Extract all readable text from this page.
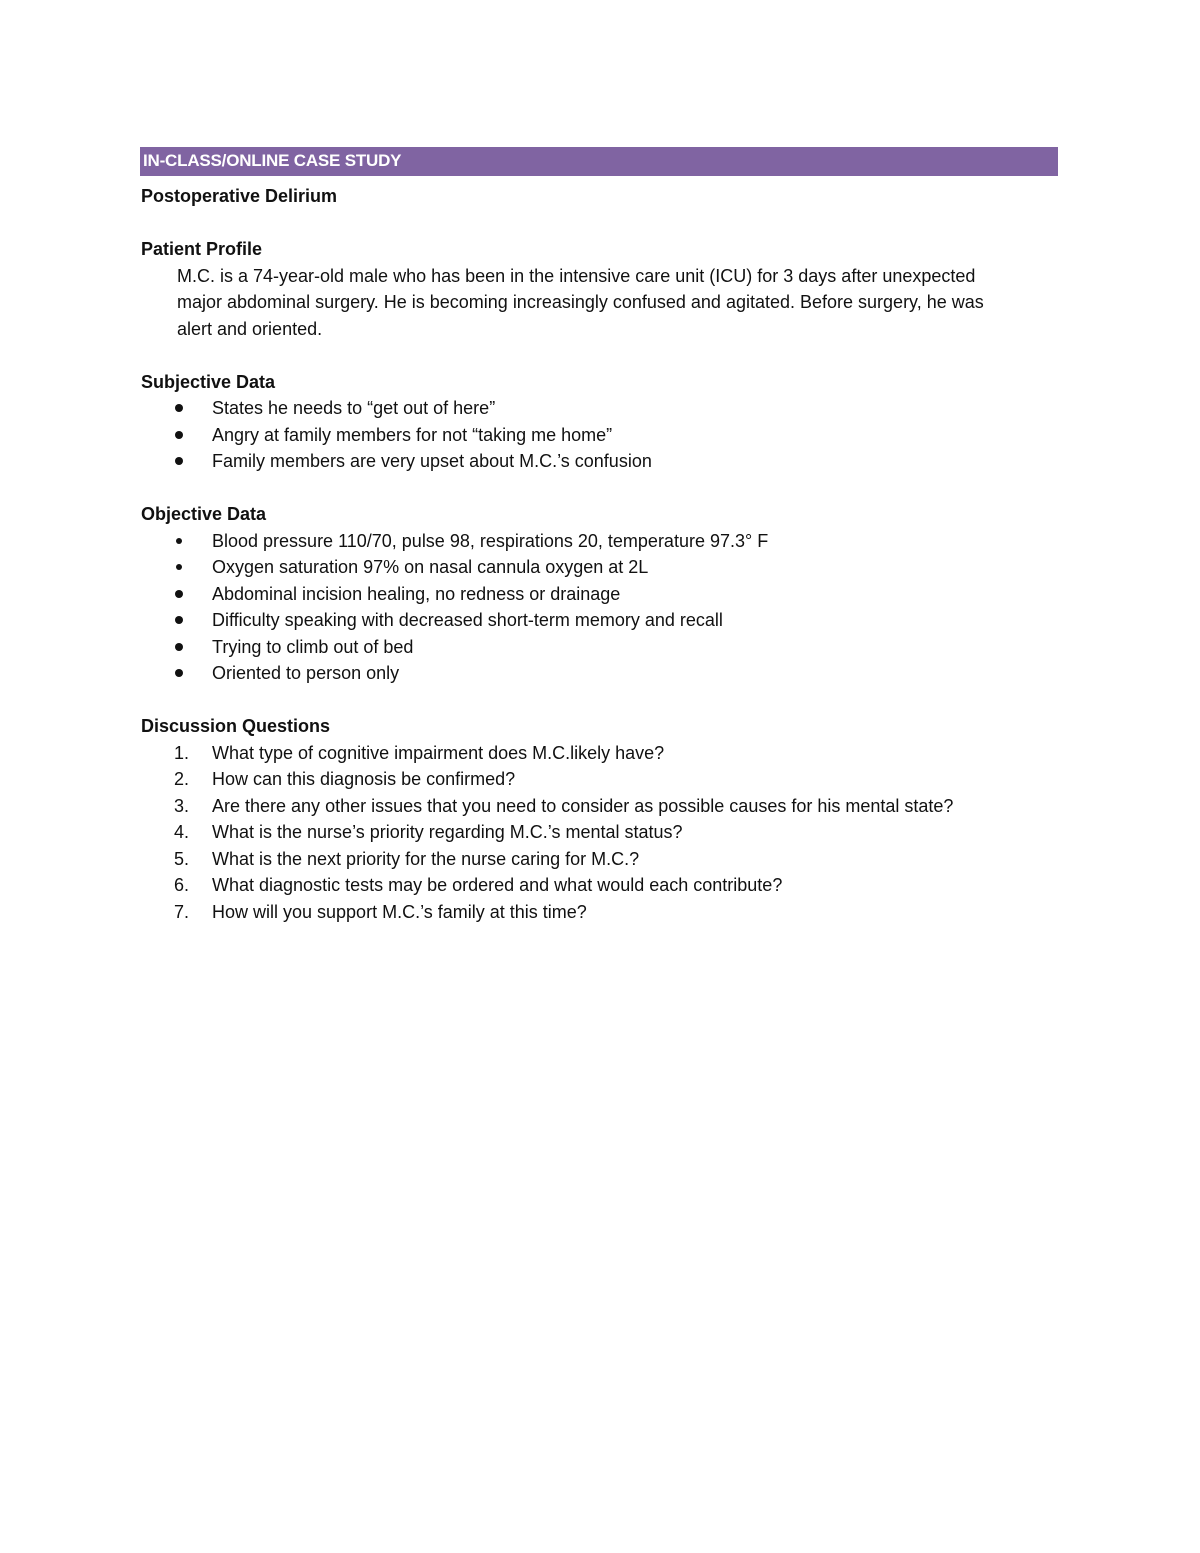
IN-CLASS/ONLINE CASE STUDY

Postoperative Delirium

Patient Profile

M.C. is a 74-year-old male who has been in the intensive care unit (ICU) for 3 days after unexpected
major abdominal surgery. He is becoming increasingly confused and agitated. Before surgery, he was
alert and oriented.

Subjective Data

States he needs to “get out of here”
Angry at family members for not “taking me home”
Family members are very upset about M.C.’s confusion

Objective Data

Blood pressure 110/70, pulse 98, respirations 20, temperature 97.3° F
Oxygen saturation 97% on nasal cannula oxygen at 2L
Abdominal incision healing, no redness or drainage
Difficulty speaking with decreased short-term memory and recall
Trying to climb out of bed
Oriented to person only

Discussion Questions

1.	What type of cognitive impairment does M.C.likely have?
2.	How can this diagnosis be confirmed?
3.	Are there any other issues that you need to consider as possible causes for his mental state?
4.	What is the nurse’s priority regarding M.C.’s mental status?
5.	What is the next priority for the nurse caring for M.C.?
6.	What diagnostic tests may be ordered and what would each contribute?
7.	How will you support M.C.’s family at this time?
